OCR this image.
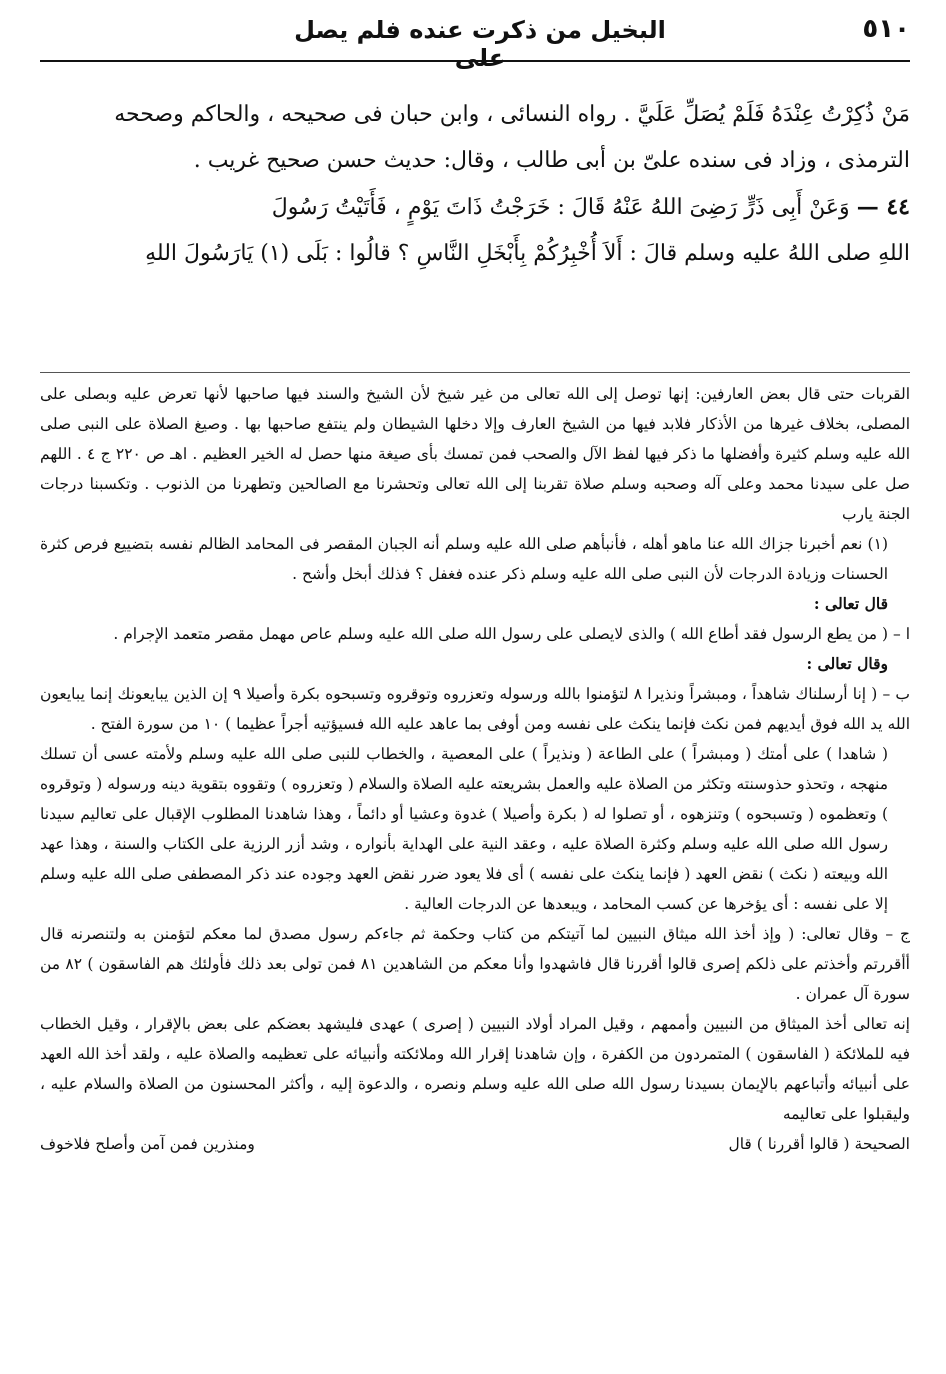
٥١٠
البخيل من ذكرت عنده فلم يصل على

مَنْ ذُكِرْتُ عِنْدَهُ فَلَمْ يُصَلِّ عَلَيَّ . رواه النسائى ، وابن حبان فى صحيحه ، والحاكم وصححه

الترمذى ، وزاد فى سنده علىّ بن أبى طالب ، وقال: حديث حسن صحيح غريب .

٤٤ — وَعَنْ أَبِى ذَرٍّ رَضِىَ اللهُ عَنْهُ قَالَ : خَرَجْتُ ذَاتَ يَوْمٍ ، فَأَتَيْتُ رَسُولَ

اللهِ صلى اللهُ عليه وسلم قالَ : أَلاَ أُخْبِرُكُمْ بِأَبْخَلِ النَّاسِ ؟ قالُوا : بَلَى (١) يَارَسُولَ اللهِ

القربات حتى قال بعض العارفين: إنها توصل إلى الله تعالى من غير شيخ لأن الشيخ والسند فيها صاحبها لأنها تعرض عليه وبصلى على المصلى، بخلاف غيرها من الأذكار فلابد فيها من الشيخ العارف وإلا دخلها الشيطان ولم ينتفع صاحبها بها . وصيغ الصلاة على النبى صلى الله عليه وسلم كثيرة وأفضلها ما ذكر فيها لفظ الآل والصحب فمن تمسك بأى صيغة منها حصل له الخير العظيم . اهـ ص ٢٢٠ ج ٤ . اللهم صل على سيدنا محمد وعلى آله وصحبه وسلم صلاة تقربنا إلى الله تعالى وتحشرنا مع الصالحين وتطهرنا من الذنوب . وتكسبنا درجات الجنة يارب

(١) نعم أخبرنا جزاك الله عنا ماهو أهله ، فأنبأهم صلى الله عليه وسلم أنه الجبان المقصر فى المحامد الظالم نفسه بتضييع فرص كثرة الحسنات وزيادة الدرجات لأن النبى صلى الله عليه وسلم ذكر عنده فغفل ؟ فذلك أبخل وأشح .

قال تعالى :

ا – ( من يطع الرسول فقد أطاع الله ) والذى لايصلى على رسول الله صلى الله عليه وسلم عاص مهمل مقصر متعمد الإجرام .

وقال تعالى :

ب – ( إنا أرسلناك شاهداً ، ومبشراً ونذيرا ٨ لتؤمنوا بالله ورسوله وتعزروه وتوقروه وتسبحوه بكرة وأصيلا ٩ إن الذين يبايعونك إنما يبايعون الله يد الله فوق أيديهم فمن نكث فإنما ينكث على نفسه ومن أوفى بما عاهد عليه الله فسيؤتيه أجراً عظيما ) ١٠ من سورة الفتح .

( شاهدا ) على أمتك ( ومبشراً ) على الطاعة ( ونذيراً ) على المعصية ، والخطاب للنبى صلى الله عليه وسلم ولأمته عسى أن تسلك منهجه ، وتحذو حذوسنته وتكثر من الصلاة عليه والعمل بشريعته عليه الصلاة والسلام ( وتعزروه ) وتقووه بتقوية دينه ورسوله ( وتوقروه ) وتعظموه ( وتسبحوه ) وتنزهوه ، أو تصلوا له ( بكرة وأصيلا ) غدوة وعشيا أو دائماً ، وهذا شاهدنا المطلوب الإقبال على تعاليم سيدنا رسول الله صلى الله عليه وسلم وكثرة الصلاة عليه ، وعقد النية على الهداية بأنواره ، وشد أزر الرزية على الكتاب والسنة ، وهذا عهد الله وبيعته ( نكث ) نقض العهد ( فإنما ينكث على نفسه ) أى فلا يعود ضرر نقض العهد وجوده عند ذكر المصطفى صلى الله عليه وسلم إلا على نفسه : أى يؤخرها عن كسب المحامد ، ويبعدها عن الدرجات العالية .

ج – وقال تعالى: ( وإذ أخذ الله ميثاق النبيين لما آتيتكم من كتاب وحكمة ثم جاءكم رسول مصدق لما معكم لتؤمنن به ولتنصرنه قال أأقررتم وأخذتم على ذلكم إصرى قالوا أقررنا قال فاشهدوا وأنا معكم من الشاهدين ٨١ فمن تولى بعد ذلك فأولئك هم الفاسقون ) ٨٢ من سورة آل عمران .

إنه تعالى أخذ الميثاق من النبيين وأممهم ، وقيل المراد أولاد النبيين ( إصرى ) عهدى فليشهد بعضكم على بعض بالإقرار ، وقيل الخطاب فيه للملائكة ( الفاسقون ) المتمردون من الكفرة ، وإن شاهدنا إقرار الله وملائكته وأنبيائه على تعظيمه والصلاة عليه ، ولقد أخذ الله العهد على أنبيائه وأتباعهم بالإيمان بسيدنا رسول الله صلى الله عليه وسلم ونصره ، والدعوة إليه ، وأكثر المحسنون من الصلاة والسلام عليه ، وليقبلوا على تعاليمه

الصحيحة ( قالوا أقررنا ) قال
ومنذرين فمن آمن وأصلح فلاخوف
